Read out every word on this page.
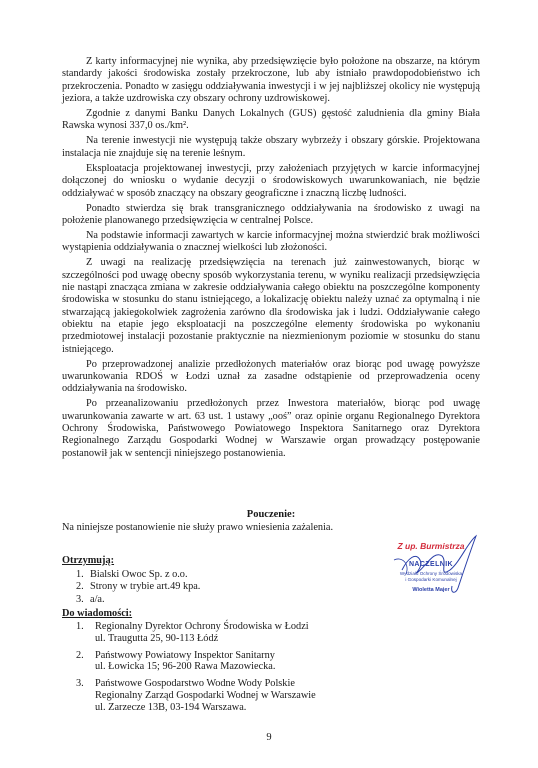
Z karty informacyjnej nie wynika, aby przedsięwzięcie było położone na obszarze, na którym standardy jakości środowiska zostały przekroczone, lub aby istniało prawdopodobieństwo ich przekroczenia. Ponadto w zasięgu oddziaływania inwestycji i w jej najbliższej okolicy nie występują jeziora, a także uzdrowiska czy obszary ochrony uzdrowiskowej.

Zgodnie z danymi Banku Danych Lokalnych (GUS) gęstość zaludnienia dla gminy Biała Rawska wynosi 337,0 os./km².

Na terenie inwestycji nie występują także obszary wybrzeży i obszary górskie. Projektowana instalacja nie znajduje się na terenie leśnym.

Eksploatacja projektowanej inwestycji, przy założeniach przyjętych w karcie informacyjnej dołączonej do wniosku o wydanie decyzji o środowiskowych uwarunkowaniach, nie będzie oddziaływać w sposób znaczący na obszary geograficzne i znaczną liczbę ludności.

Ponadto stwierdza się brak transgranicznego oddziaływania na środowisko z uwagi na położenie planowanego przedsięwzięcia w centralnej Polsce.

Na podstawie informacji zawartych w karcie informacyjnej można stwierdzić brak możliwości wystąpienia oddziaływania o znacznej wielkości lub złożoności.

Z uwagi na realizację przedsięwzięcia na terenach już zainwestowanych, biorąc w szczególności pod uwagę obecny sposób wykorzystania terenu, w wyniku realizacji przedsięwzięcia nie nastąpi znacząca zmiana w zakresie oddziaływania całego obiektu na poszczególne komponenty środowiska w stosunku do stanu istniejącego, a lokalizację obiektu należy uznać za optymalną i nie stwarzającą jakiegokolwiek zagrożenia zarówno dla środowiska jak i ludzi. Oddziaływanie całego obiektu na etapie jego eksploatacji na poszczególne elementy środowiska po wykonaniu przedmiotowej instalacji pozostanie praktycznie na niezmienionym poziomie w stosunku do stanu istniejącego.

Po przeprowadzonej analizie przedłożonych materiałów oraz biorąc pod uwagę powyższe uwarunkowania RDOŚ w Łodzi uznał za zasadne odstąpienie od przeprowadzenia oceny oddziaływania na środowisko.

Po przeanalizowaniu przedłożonych przez Inwestora materiałów, biorąc pod uwagę uwarunkowania zawarte w art. 63 ust. 1 ustawy „ooś” oraz opinie organu Regionalnego Dyrektora Ochrony Środowiska, Państwowego Powiatowego Inspektora Sanitarnego oraz Dyrektora Regionalnego Zarządu Gospodarki Wodnej w Warszawie organ prowadzący postępowanie postanowił jak w sentencji niniejszego postanowienia.

Pouczenie:
Na niniejsze postanowienie nie służy prawo wniesienia zażalenia.
Otrzymują:
1. Bialski Owoc Sp. z o.o.
2. Strony w trybie art.49 kpa.
3. a/a.
Do wiadomości:
1. Regionalny Dyrektor Ochrony Środowiska w Łodzi
ul. Traugutta 25, 90-113 Łódź
2. Państwowy Powiatowy Inspektor Sanitarny
ul. Łowicka 15; 96-200 Rawa Mazowiecka.
3. Państwowe Gospodarstwo Wodne Wody Polskie
Regionalny Zarząd Gospodarki Wodnej w Warszawie
ul. Zarzecze 13B, 03-194 Warszawa.
Z up. Burmistrza
NACZELNIK
Wydziału Ochrony Środowiska
i Gospodarki Komunalnej
Wioletta Majer
9
